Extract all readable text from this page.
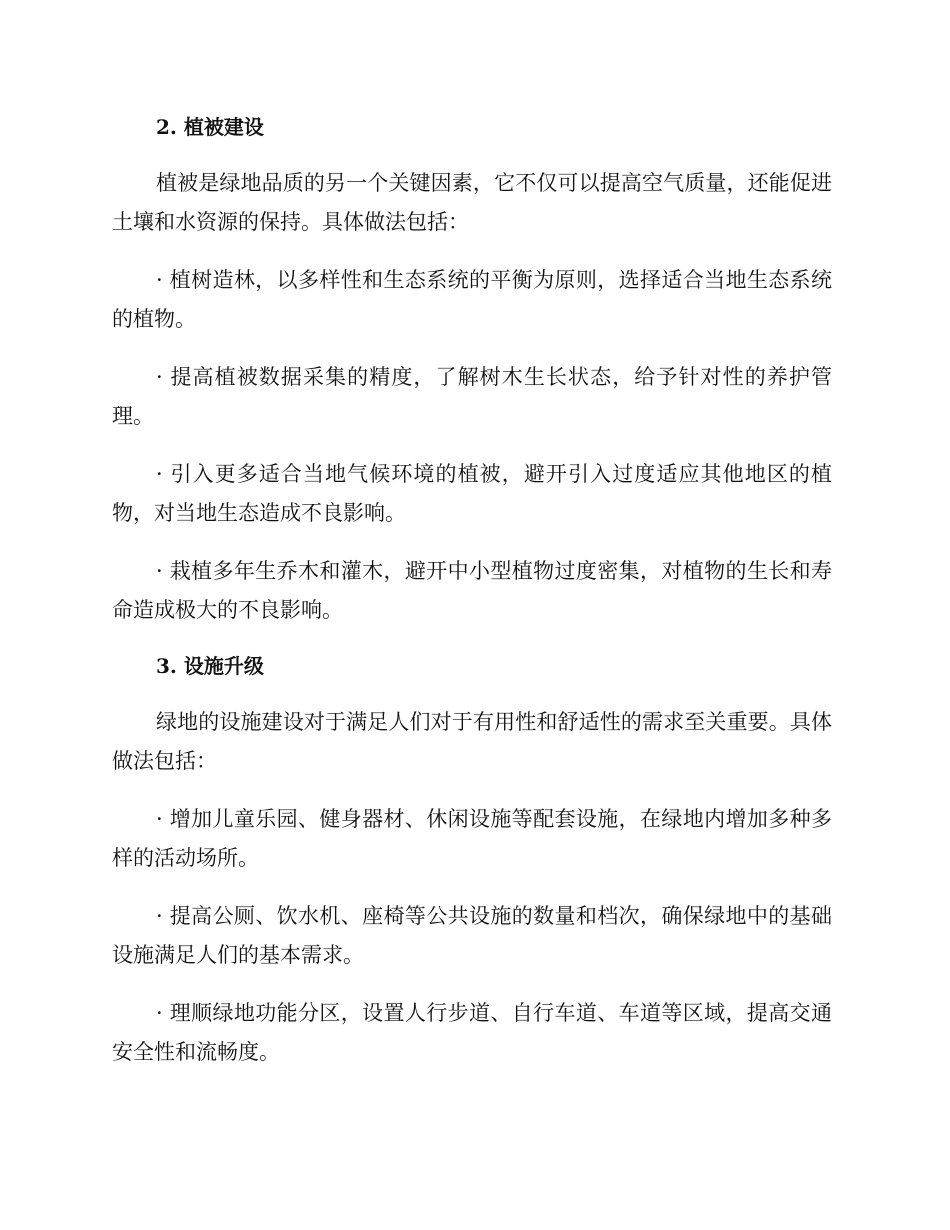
2. 植被建设

植被是绿地品质的另一个关键因素，它不仅可以提高空气质量，还能促进土壤和水资源的保持。具体做法包括：

· 植树造林，以多样性和生态系统的平衡为原则，选择适合当地生态系统的植物。

· 提高植被数据采集的精度，了解树木生长状态，给予针对性的养护管理。

· 引入更多适合当地气候环境的植被，避开引入过度适应其他地区的植物，对当地生态造成不良影响。

· 栽植多年生乔木和灌木，避开中小型植物过度密集，对植物的生长和寿命造成极大的不良影响。

3. 设施升级

绿地的设施建设对于满足人们对于有用性和舒适性的需求至关重要。具体做法包括：

· 增加儿童乐园、健身器材、休闲设施等配套设施，在绿地内增加多种多样的活动场所。

· 提高公厕、饮水机、座椅等公共设施的数量和档次，确保绿地中的基础设施满足人们的基本需求。

· 理顺绿地功能分区，设置人行步道、自行车道、车道等区域，提高交通安全性和流畅度。
